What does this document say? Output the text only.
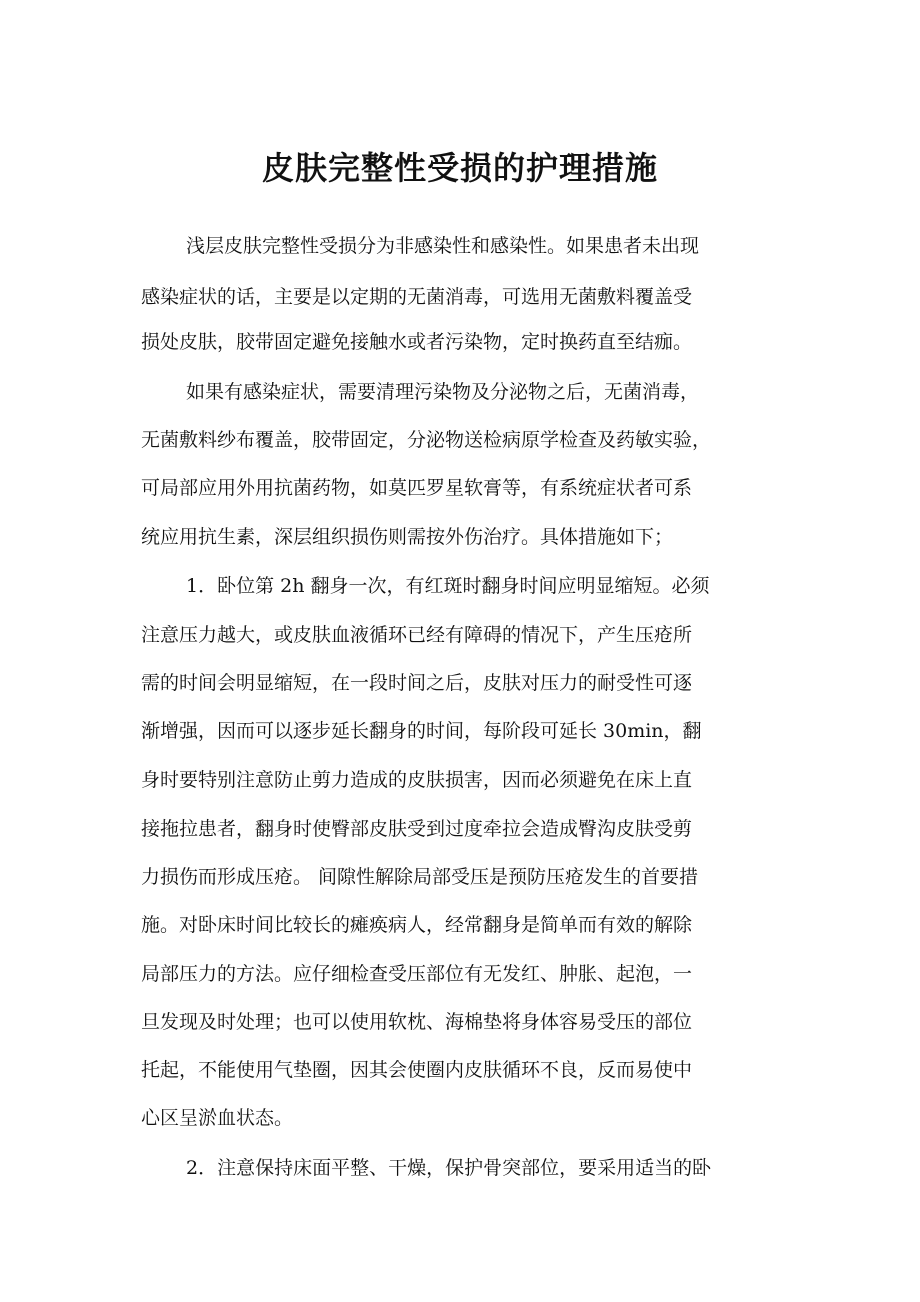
皮肤完整性受损的护理措施

浅层皮肤完整性受损分为非感染性和感染性。如果患者未出现

感染症状的话，主要是以定期的无菌消毒，可选用无菌敷料覆盖受

损处皮肤，胶带固定避免接触水或者污染物，定时换药直至结痂。

如果有感染症状，需要清理污染物及分泌物之后，无菌消毒，

无菌敷料纱布覆盖，胶带固定，分泌物送检病原学检查及药敏实验，

可局部应用外用抗菌药物，如莫匹罗星软膏等，有系统症状者可系

统应用抗生素，深层组织损伤则需按外伤治疗。具体措施如下；

1．卧位第 2h 翻身一次，有红斑时翻身时间应明显缩短。必须

注意压力越大，或皮肤血液循环已经有障碍的情况下，产生压疮所

需的时间会明显缩短，在一段时间之后，皮肤对压力的耐受性可逐

渐增强，因而可以逐步延长翻身的时间，每阶段可延长 30min，翻

身时要特别注意防止剪力造成的皮肤损害，因而必须避免在床上直

接拖拉患者，翻身时使臀部皮肤受到过度牵拉会造成臀沟皮肤受剪

力损伤而形成压疮。 间隙性解除局部受压是预防压疮发生的首要措

施。对卧床时间比较长的瘫痪病人，经常翻身是简单而有效的解除

局部压力的方法。应仔细检查受压部位有无发红、肿胀、起泡，一

旦发现及时处理；也可以使用软枕、海棉垫将身体容易受压的部位

托起，不能使用气垫圈，因其会使圈内皮肤循环不良，反而易使中

心区呈淤血状态。

2．注意保持床面平整、干燥，保护骨突部位，要采用适当的卧
